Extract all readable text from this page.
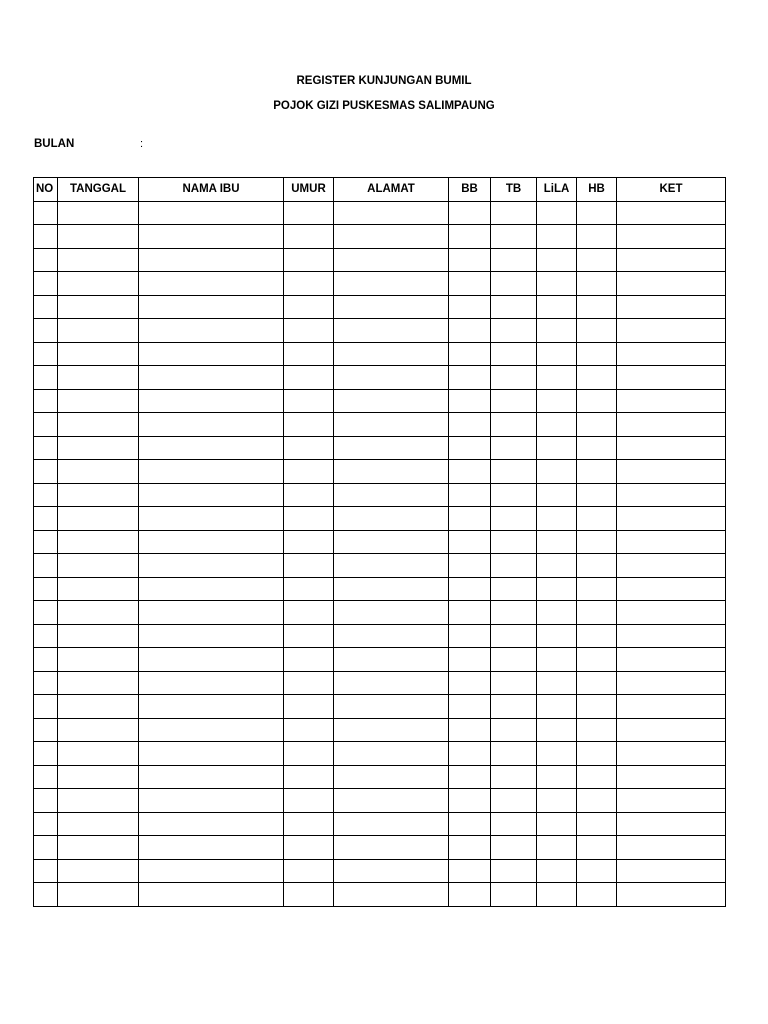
REGISTER KUNJUNGAN BUMIL
POJOK GIZI PUSKESMAS SALIMPAUNG
BULAN	:
NO	TANGGAL	NAMA IBU	UMUR	ALAMAT	BB	TB	LiLA	HB	KET
